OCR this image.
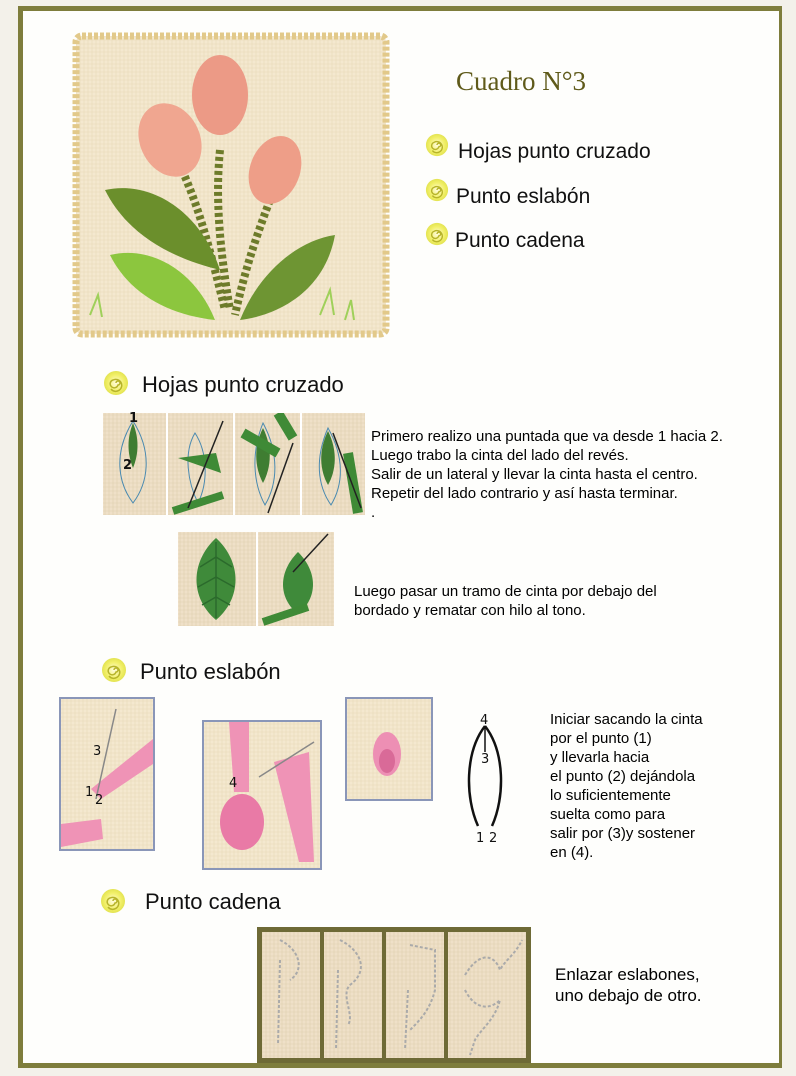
Cuadro N°3
Hojas punto cruzado
Punto eslabón
Punto cadena
Hojas punto cruzado
1
2
Primero realizo una puntada que va desde 1 hacia 2.
Luego trabo la cinta del lado del revés.
Salir de un lateral y llevar la cinta hasta el centro.
Repetir del lado contrario y así hasta terminar.
.
Luego pasar un tramo de cinta por debajo del
bordado y rematar con hilo al tono.
Punto eslabón
3
1
2
4
4
3
1 2
Iniciar sacando la cinta
por el punto (1)
y llevarla hacia
el punto (2) dejándola
lo suficientemente
suelta como para
salir por (3)y sostener
en (4).
Punto cadena
Enlazar eslabones,
uno debajo de otro.
